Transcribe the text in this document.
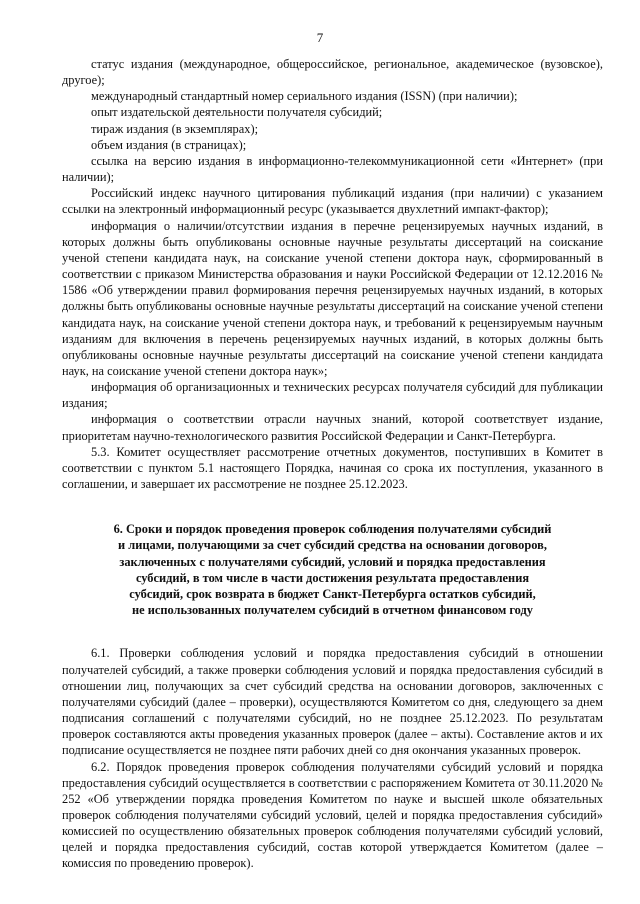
7

статус издания (международное, общероссийское, региональное, академическое (вузовское), другое);

международный стандартный номер сериального издания (ISSN) (при наличии);

опыт издательской деятельности получателя субсидий;

тираж издания (в экземплярах);

объем издания (в страницах);

ссылка на версию издания в информационно-телекоммуникационной сети «Интернет» (при наличии);

Российский индекс научного цитирования публикаций издания (при наличии) с указанием ссылки на электронный информационный ресурс (указывается двухлетний импакт-фактор);

информация о наличии/отсутствии издания в перечне рецензируемых научных изданий, в которых должны быть опубликованы основные научные результаты диссертаций на соискание ученой степени кандидата наук, на соискание ученой степени доктора наук, сформированный в соответствии с приказом Министерства образования и науки Российской Федерации от 12.12.2016 № 1586 «Об утверждении правил формирования перечня рецензируемых научных изданий, в которых должны быть опубликованы основные научные результаты диссертаций на соискание ученой степени кандидата наук, на соискание ученой степени доктора наук, и требований к рецензируемым научным изданиям для включения в перечень рецензируемых научных изданий, в которых должны быть опубликованы основные научные результаты диссертаций на соискание ученой степени кандидата наук, на соискание ученой степени доктора наук»;

информация об организационных и технических ресурсах получателя субсидий для публикации издания;

информация о соответствии отрасли научных знаний, которой соответствует издание, приоритетам научно-технологического развития Российской Федерации и Санкт-Петербурга.

5.3. Комитет осуществляет рассмотрение отчетных документов, поступивших в Комитет в соответствии с пунктом 5.1 настоящего Порядка, начиная со срока их поступления, указанного в соглашении, и завершает их рассмотрение не позднее 25.12.2023.

6. Сроки и порядок проведения проверок соблюдения получателями субсидий
и лицами, получающими за счет субсидий средства на основании договоров,
заключенных с получателями субсидий, условий и порядка предоставления
субсидий, в том числе в части достижения результата предоставления
субсидий, срок возврата в бюджет Санкт-Петербурга остатков субсидий,
не использованных получателем субсидий в отчетном финансовом году

6.1. Проверки соблюдения условий и порядка предоставления субсидий в отношении получателей субсидий, а также проверки соблюдения условий и порядка предоставления субсидий в отношении лиц, получающих за счет субсидий средства на основании договоров, заключенных с получателями субсидий (далее – проверки), осуществляются Комитетом со дня, следующего за днем подписания соглашений с получателями субсидий, но не позднее 25.12.2023. По результатам проверок составляются акты проведения указанных проверок (далее – акты). Составление актов и их подписание осуществляется не позднее пяти рабочих дней со дня окончания указанных проверок.

6.2. Порядок проведения проверок соблюдения получателями субсидий условий и порядка предоставления субсидий осуществляется в соответствии с распоряжением Комитета от 30.11.2020 № 252 «Об утверждении порядка проведения Комитетом по науке и высшей школе обязательных проверок соблюдения получателями субсидий условий, целей и порядка предоставления субсидий» комиссией по осуществлению обязательных проверок соблюдения получателями субсидий условий, целей и порядка предоставления субсидий, состав которой утверждается Комитетом (далее – комиссия по проведению проверок).
